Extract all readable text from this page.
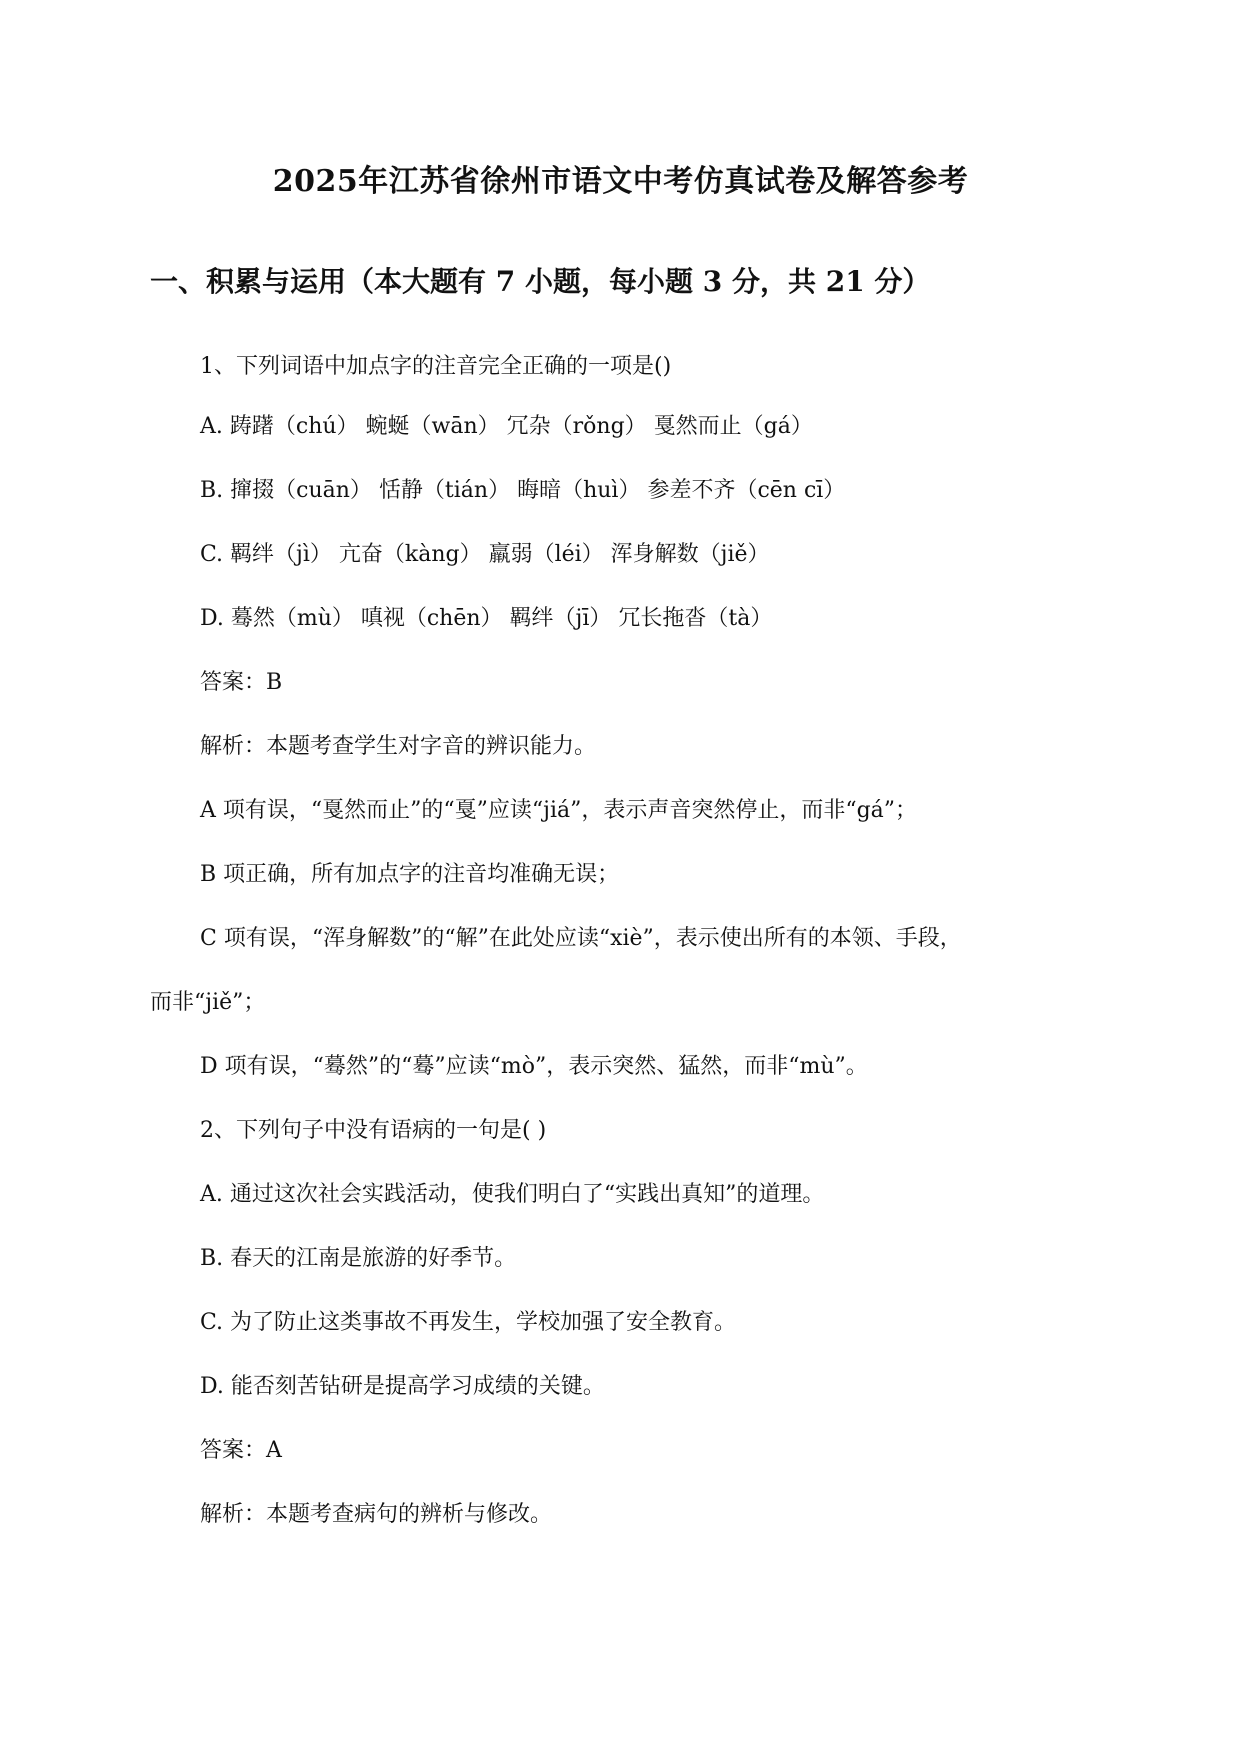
2025年江苏省徐州市语文中考仿真试卷及解答参考
一、积累与运用（本大题有 7 小题，每小题 3 分，共 21 分）
1、下列词语中加点字的注音完全正确的一项是()
A. 踌躇（chú） 蜿蜒（wān） 冗杂（rǒng） 戛然而止（gá）
B. 撺掇（cuān） 恬静（tián） 晦暗（huì） 参差不齐（cēn cī）
C. 羁绊（jì） 亢奋（kàng） 羸弱（léi） 浑身解数（jiě）
D. 蓦然（mù） 嗔视（chēn） 羁绊（jī） 冗长拖沓（tà）
答案：B
解析：本题考查学生对字音的辨识能力。
A 项有误，“戛然而止”的“戛”应读“jiá”，表示声音突然停止，而非“gá”；
B 项正确，所有加点字的注音均准确无误；
C 项有误，“浑身解数”的“解”在此处应读“xiè”，表示使出所有的本领、手段，
而非“jiě”；
D 项有误，“蓦然”的“蓦”应读“mò”，表示突然、猛然，而非“mù”。
2、下列句子中没有语病的一句是( )
A. 通过这次社会实践活动，使我们明白了“实践出真知”的道理。
B. 春天的江南是旅游的好季节。
C. 为了防止这类事故不再发生，学校加强了安全教育。
D. 能否刻苦钻研是提高学习成绩的关键。
答案：A
解析：本题考查病句的辨析与修改。
